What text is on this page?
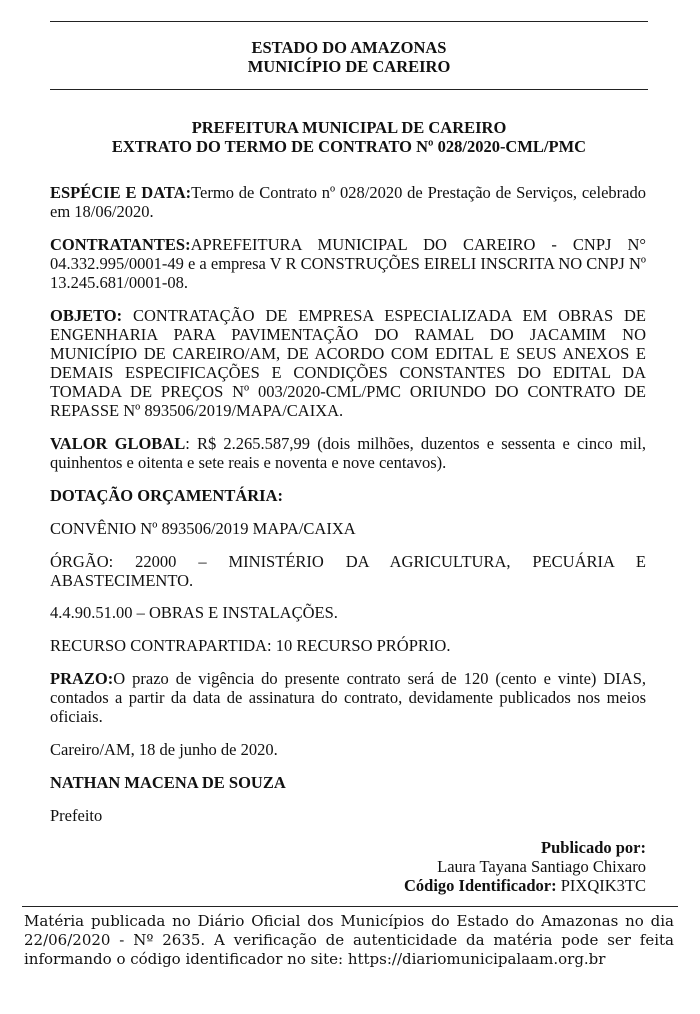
ESTADO DO AMAZONAS
MUNICÍPIO DE CAREIRO
PREFEITURA MUNICIPAL DE CAREIRO
EXTRATO DO TERMO DE CONTRATO Nº 028/2020-CML/PMC

ESPÉCIE E DATA:Termo de Contrato nº 028/2020 de Prestação de Serviços, celebrado em 18/06/2020.

CONTRATANTES:APREFEITURA MUNICIPAL DO CAREIRO - CNPJ N° 04.332.995/0001-49 e a empresa V R CONSTRUÇÕES EIRELI INSCRITA NO CNPJ Nº 13.245.681/0001-08.

OBJETO: CONTRATAÇÃO DE EMPRESA ESPECIALIZADA EM OBRAS DE ENGENHARIA PARA PAVIMENTAÇÃO DO RAMAL DO JACAMIM NO MUNICÍPIO DE CAREIRO/AM, DE ACORDO COM EDITAL E SEUS ANEXOS E DEMAIS ESPECIFICAÇÕES E CONDIÇÕES CONSTANTES DO EDITAL DA TOMADA DE PREÇOS Nº 003/2020-CML/PMC ORIUNDO DO CONTRATO DE REPASSE Nº 893506/2019/MAPA/CAIXA.

VALOR GLOBAL: R$ 2.265.587,99 (dois milhões, duzentos e sessenta e cinco mil, quinhentos e oitenta e sete reais e noventa e nove centavos).

DOTAÇÃO ORÇAMENTÁRIA:

CONVÊNIO Nº 893506/2019 MAPA/CAIXA

ÓRGÃO: 22000 – MINISTÉRIO DA AGRICULTURA, PECUÁRIA E ABASTECIMENTO.

4.4.90.51.00 – OBRAS E INSTALAÇÕES.

RECURSO CONTRAPARTIDA: 10 RECURSO PRÓPRIO.

PRAZO:O prazo de vigência do presente contrato será de 120 (cento e vinte) DIAS, contados a partir da data de assinatura do contrato, devidamente publicados nos meios oficiais.

Careiro/AM, 18 de junho de 2020.

NATHAN MACENA DE SOUZA

Prefeito

Publicado por:
Laura Tayana Santiago Chixaro
Código Identificador: PIXQIK3TC
Matéria publicada no Diário Oficial dos Municípios do Estado do Amazonas no dia 22/06/2020 - Nº 2635. A verificação de autenticidade da matéria pode ser feita informando o código identificador no site: https://diariomunicipalaam.org.br
